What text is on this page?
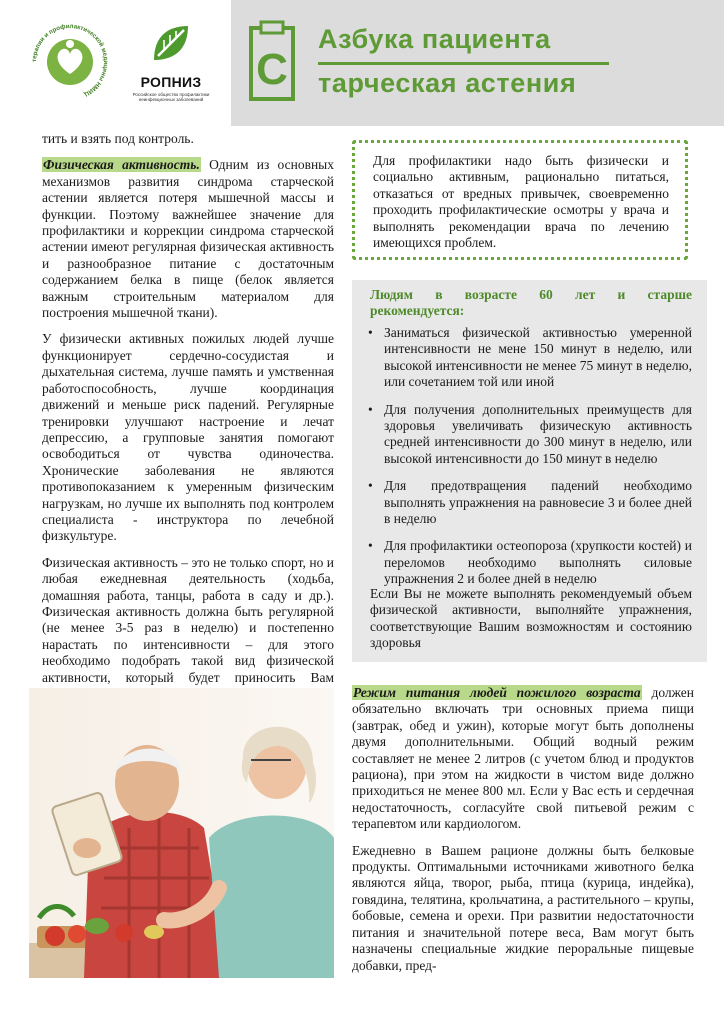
терапии и профилактической медицины НМИЦ
РОПНИЗ
Российское общество профилактики неинфекционных заболеваний
С
Азбука пациента
тарческая астения

тить и взять под контроль.

Физическая активность. Одним из основных механизмов развития синдрома старческой астении является потеря мышечной массы и функции. Поэтому важнейшее значение для профилактики и коррекции синдрома старческой астении имеют регулярная физическая активность и разнообразное питание с достаточным содержанием белка в пище (белок является важным строительным материалом для построения мышечной ткани).

У физически активных пожилых людей лучше функционирует сердечно-сосудистая и дыхательная система, лучше память и умственная работоспособность, лучше координация движений и меньше риск падений. Регулярные тренировки улучшают настроение и лечат депрессию, а групповые занятия помогают освободиться от чувства одиночества. Хронические заболевания не являются противопоказанием к умеренным физическим нагрузкам, но лучше их выполнять под контролем специалиста - инструктора по лечебной физкультуре.

Физическая активность – это не только спорт, но и любая ежедневная деятельность (ходьба, домашняя работа, танцы, работа в саду и др.). Физическая активность должна быть регулярной (не менее 3-5 раз в неделю) и постепенно нарастать по интенсивности – для этого необходимо подобрать такой вид физической активности, который будет приносить Вам

Для профилактики надо быть физически и социально активным, рационально питаться, отказаться от вредных привычек, своевременно проходить профилактические осмотры у врача и выполнять рекомендации врача по лечению имеющихся проблем.
Людям в возрасте 60 лет и старше
рекомендуется:
• Заниматься физической активностью умеренной интенсивности не мене 150 минут в неделю, или высокой интенсивности не менее 75 минут в неделю, или сочетанием той или иной
• Для получения дополнительных преимуществ для здоровья увеличивать физическую активность средней интенсивности до 300 минут в неделю, или высокой интенсивности до 150 минут в неделю
• Для предотвращения падений необходимо выполнять упражнения на равновесие 3 и более дней в неделю
• Для профилактики остеопороза (хрупкости костей) и переломов необходимо выполнять силовые упражнения 2 и более дней в неделю
Если Вы не можете выполнять рекомендуемый объем физической активности, выполняйте упражнения, соответствующие Вашим возможностям и состоянию здоровья

Режим питания людей пожилого возраста должен обязательно включать три основных приема пищи (завтрак, обед и ужин), которые могут быть дополнены двумя дополнительными. Общий водный режим составляет не менее 2 литров (с учетом блюд и продуктов рациона), при этом на жидкости в чистом виде должно приходиться не менее 800 мл. Если у Вас есть и сердечная недостаточность, согласуйте свой питьевой режим с терапевтом или кардиологом.

Ежедневно в Вашем рационе должны быть белковые продукты. Оптимальными источниками животного белка являются яйца, творог, рыба, птица (курица, индейка), говядина, телятина, крольчатина, а растительного – крупы, бобовые, семена и орехи. При развитии недостаточности питания и значительной потере веса, Вам могут быть назначены специальные жидкие пероральные пищевые добавки, пред-
